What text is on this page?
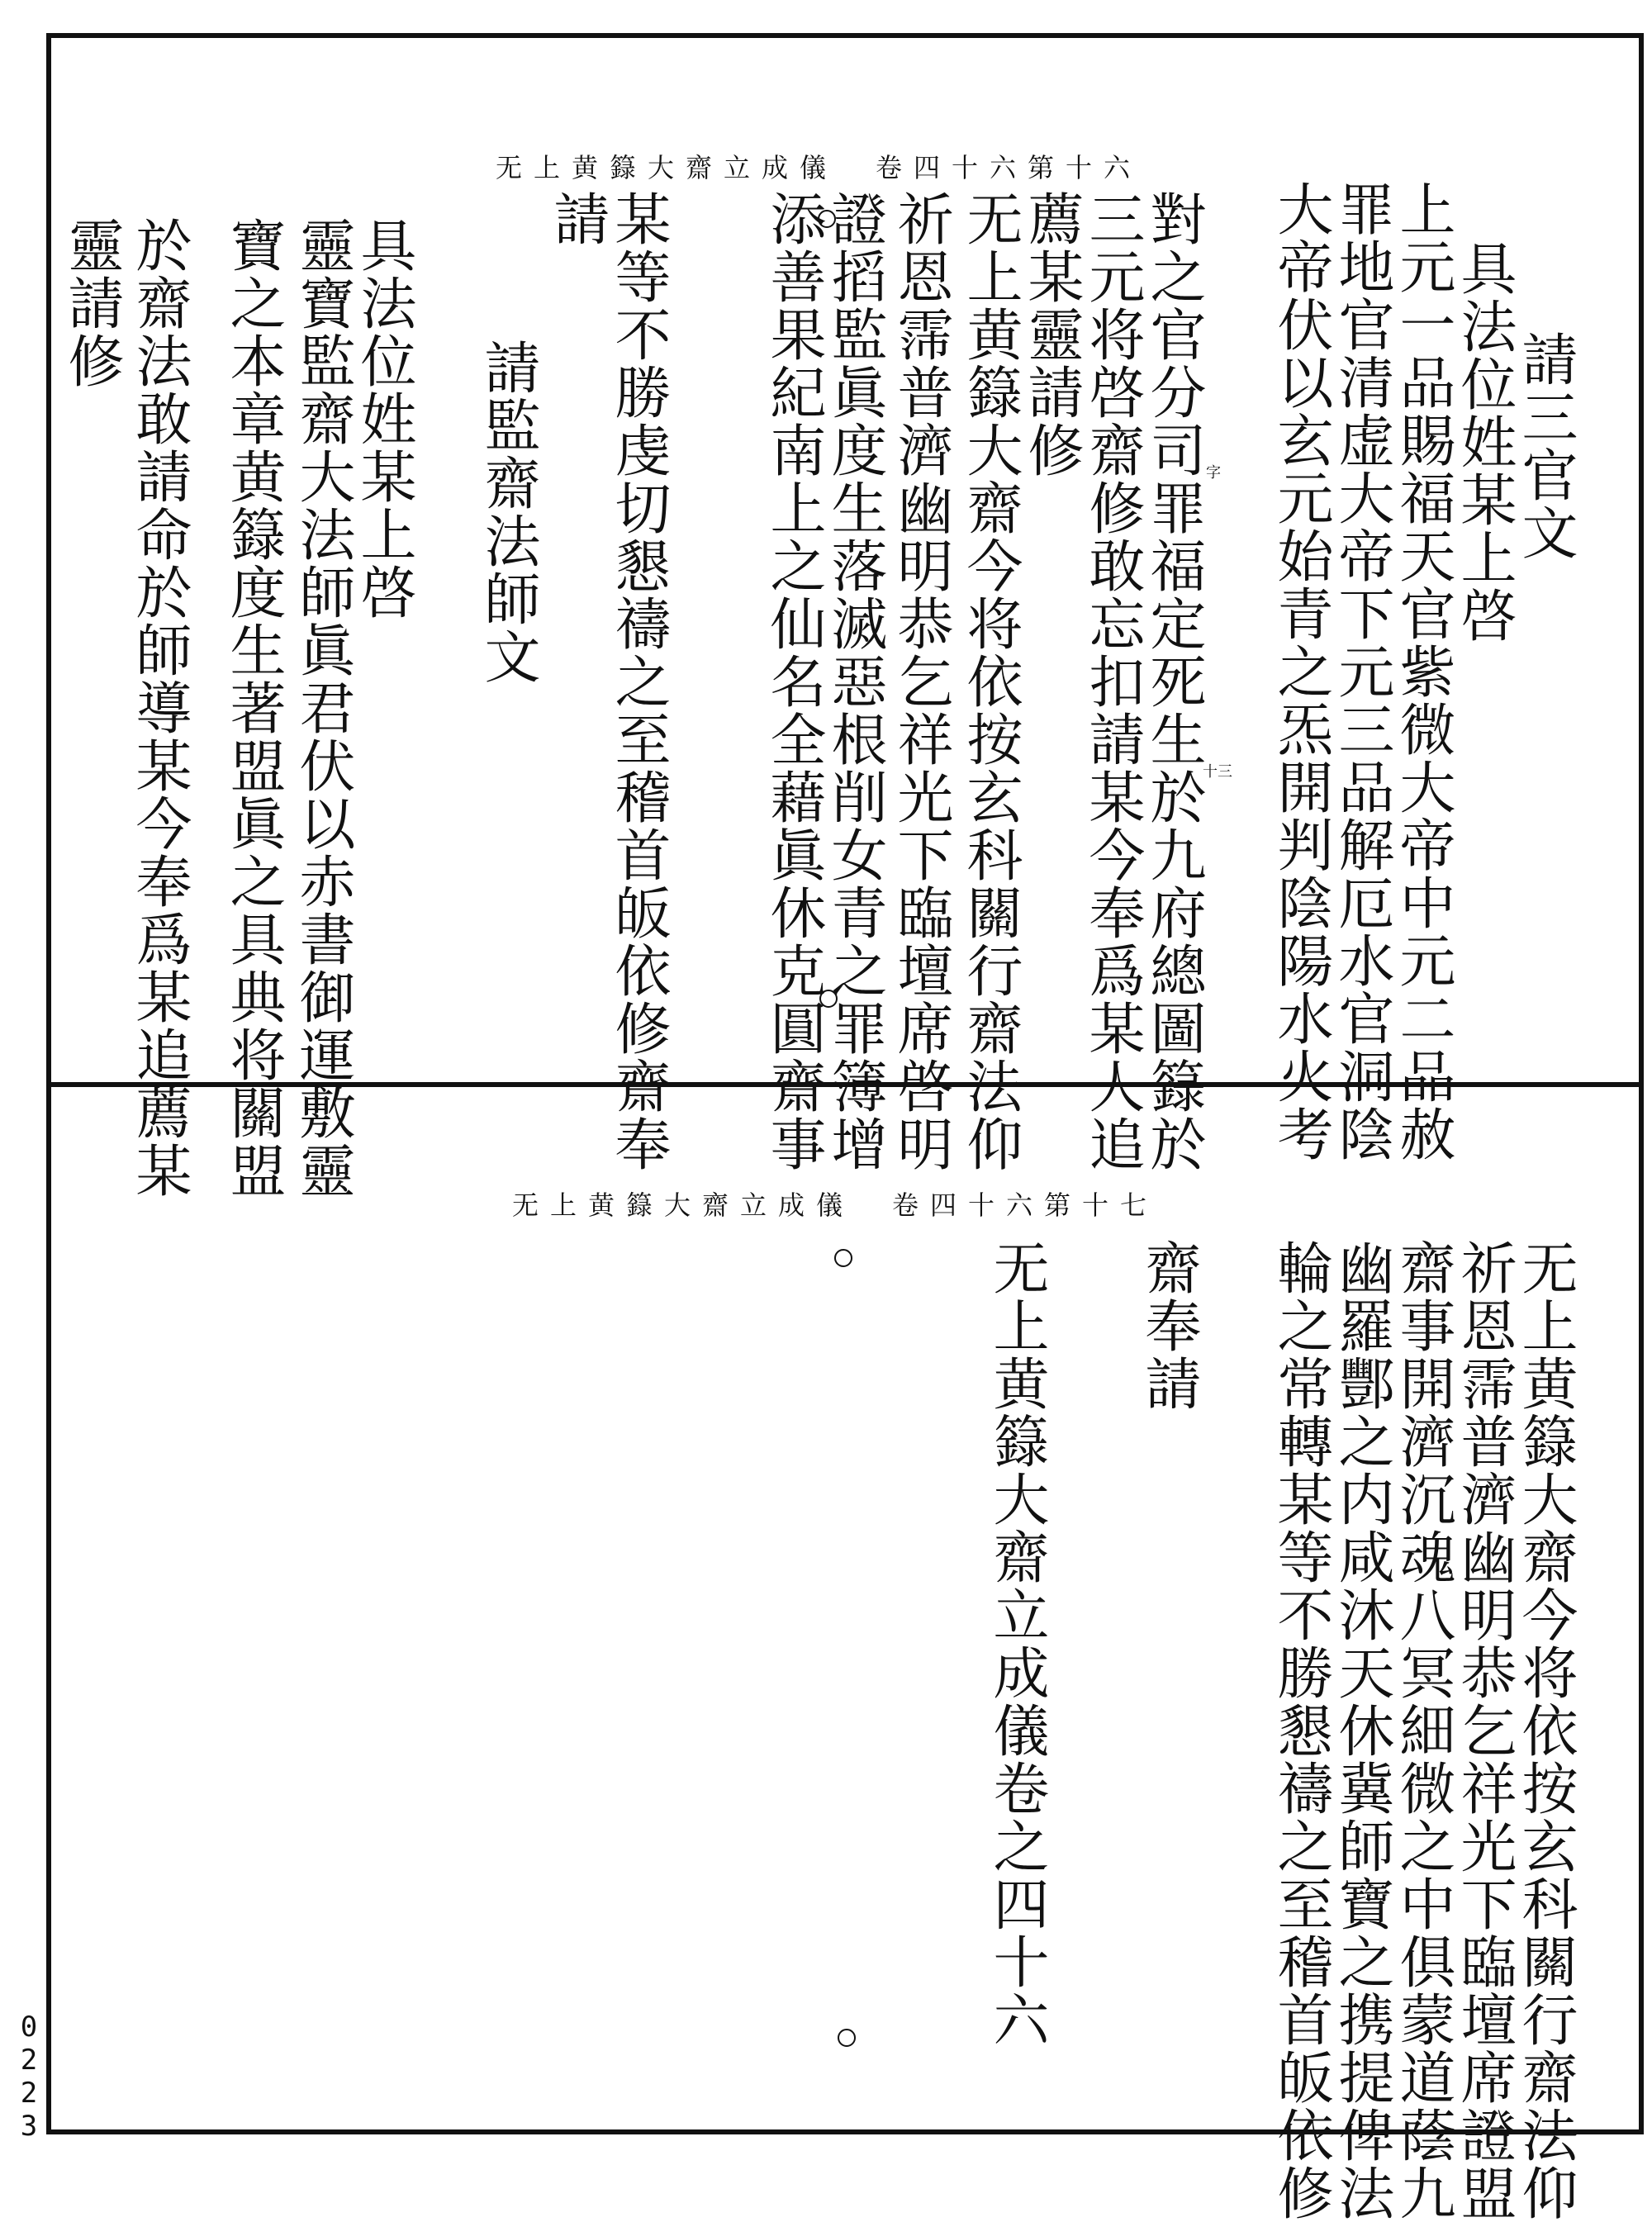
无上黄籙大齋立成儀　卷四十六第十六
請三官文
具法位姓某上啓
上元一品賜福天官紫微大帝中元二品赦
罪地官清虚大帝下元三品解厄水官洞陰
大帝伏以玄元始青之炁開判陰陽水火考
對之官分司罪福定死生於九府總圖籙於
三元将啓齋修敢忘扣請某今奉爲某人追
薦某靈請修
无上黄籙大齋今将依按玄科關行齋法仰
祈恩霈普濟幽明恭乞祥光下臨壇席啓明
證搯監眞度生落滅惡根削女青之罪簿增
添善果紀南上之仙名全藉眞休克圓齋事
某等不勝虔切懇禱之至稽首皈依修齋奉
請
請監齋法師文
具法位姓某上啓
靈寶監齋大法師眞君伏以赤書御運敷靈
寶之本章黄籙度生著盟眞之具典将關盟
於齋法敢請命於師導某今奉爲某追薦某
靈請修
字
十三
无上黄籙大齋立成儀　卷四十六第十七
无上黄籙大齋今将依按玄科關行齋法仰
祈恩霈普濟幽明恭乞祥光下臨壇席證盟
齋事開濟沉魂八冥細微之中俱蒙道蔭九
幽羅酆之内咸沐天休冀師寶之携提俾法
輪之常轉某等不勝懇禱之至稽首皈依修
齋奉請
无上黄籙大齋立成儀卷之四十六
0223
